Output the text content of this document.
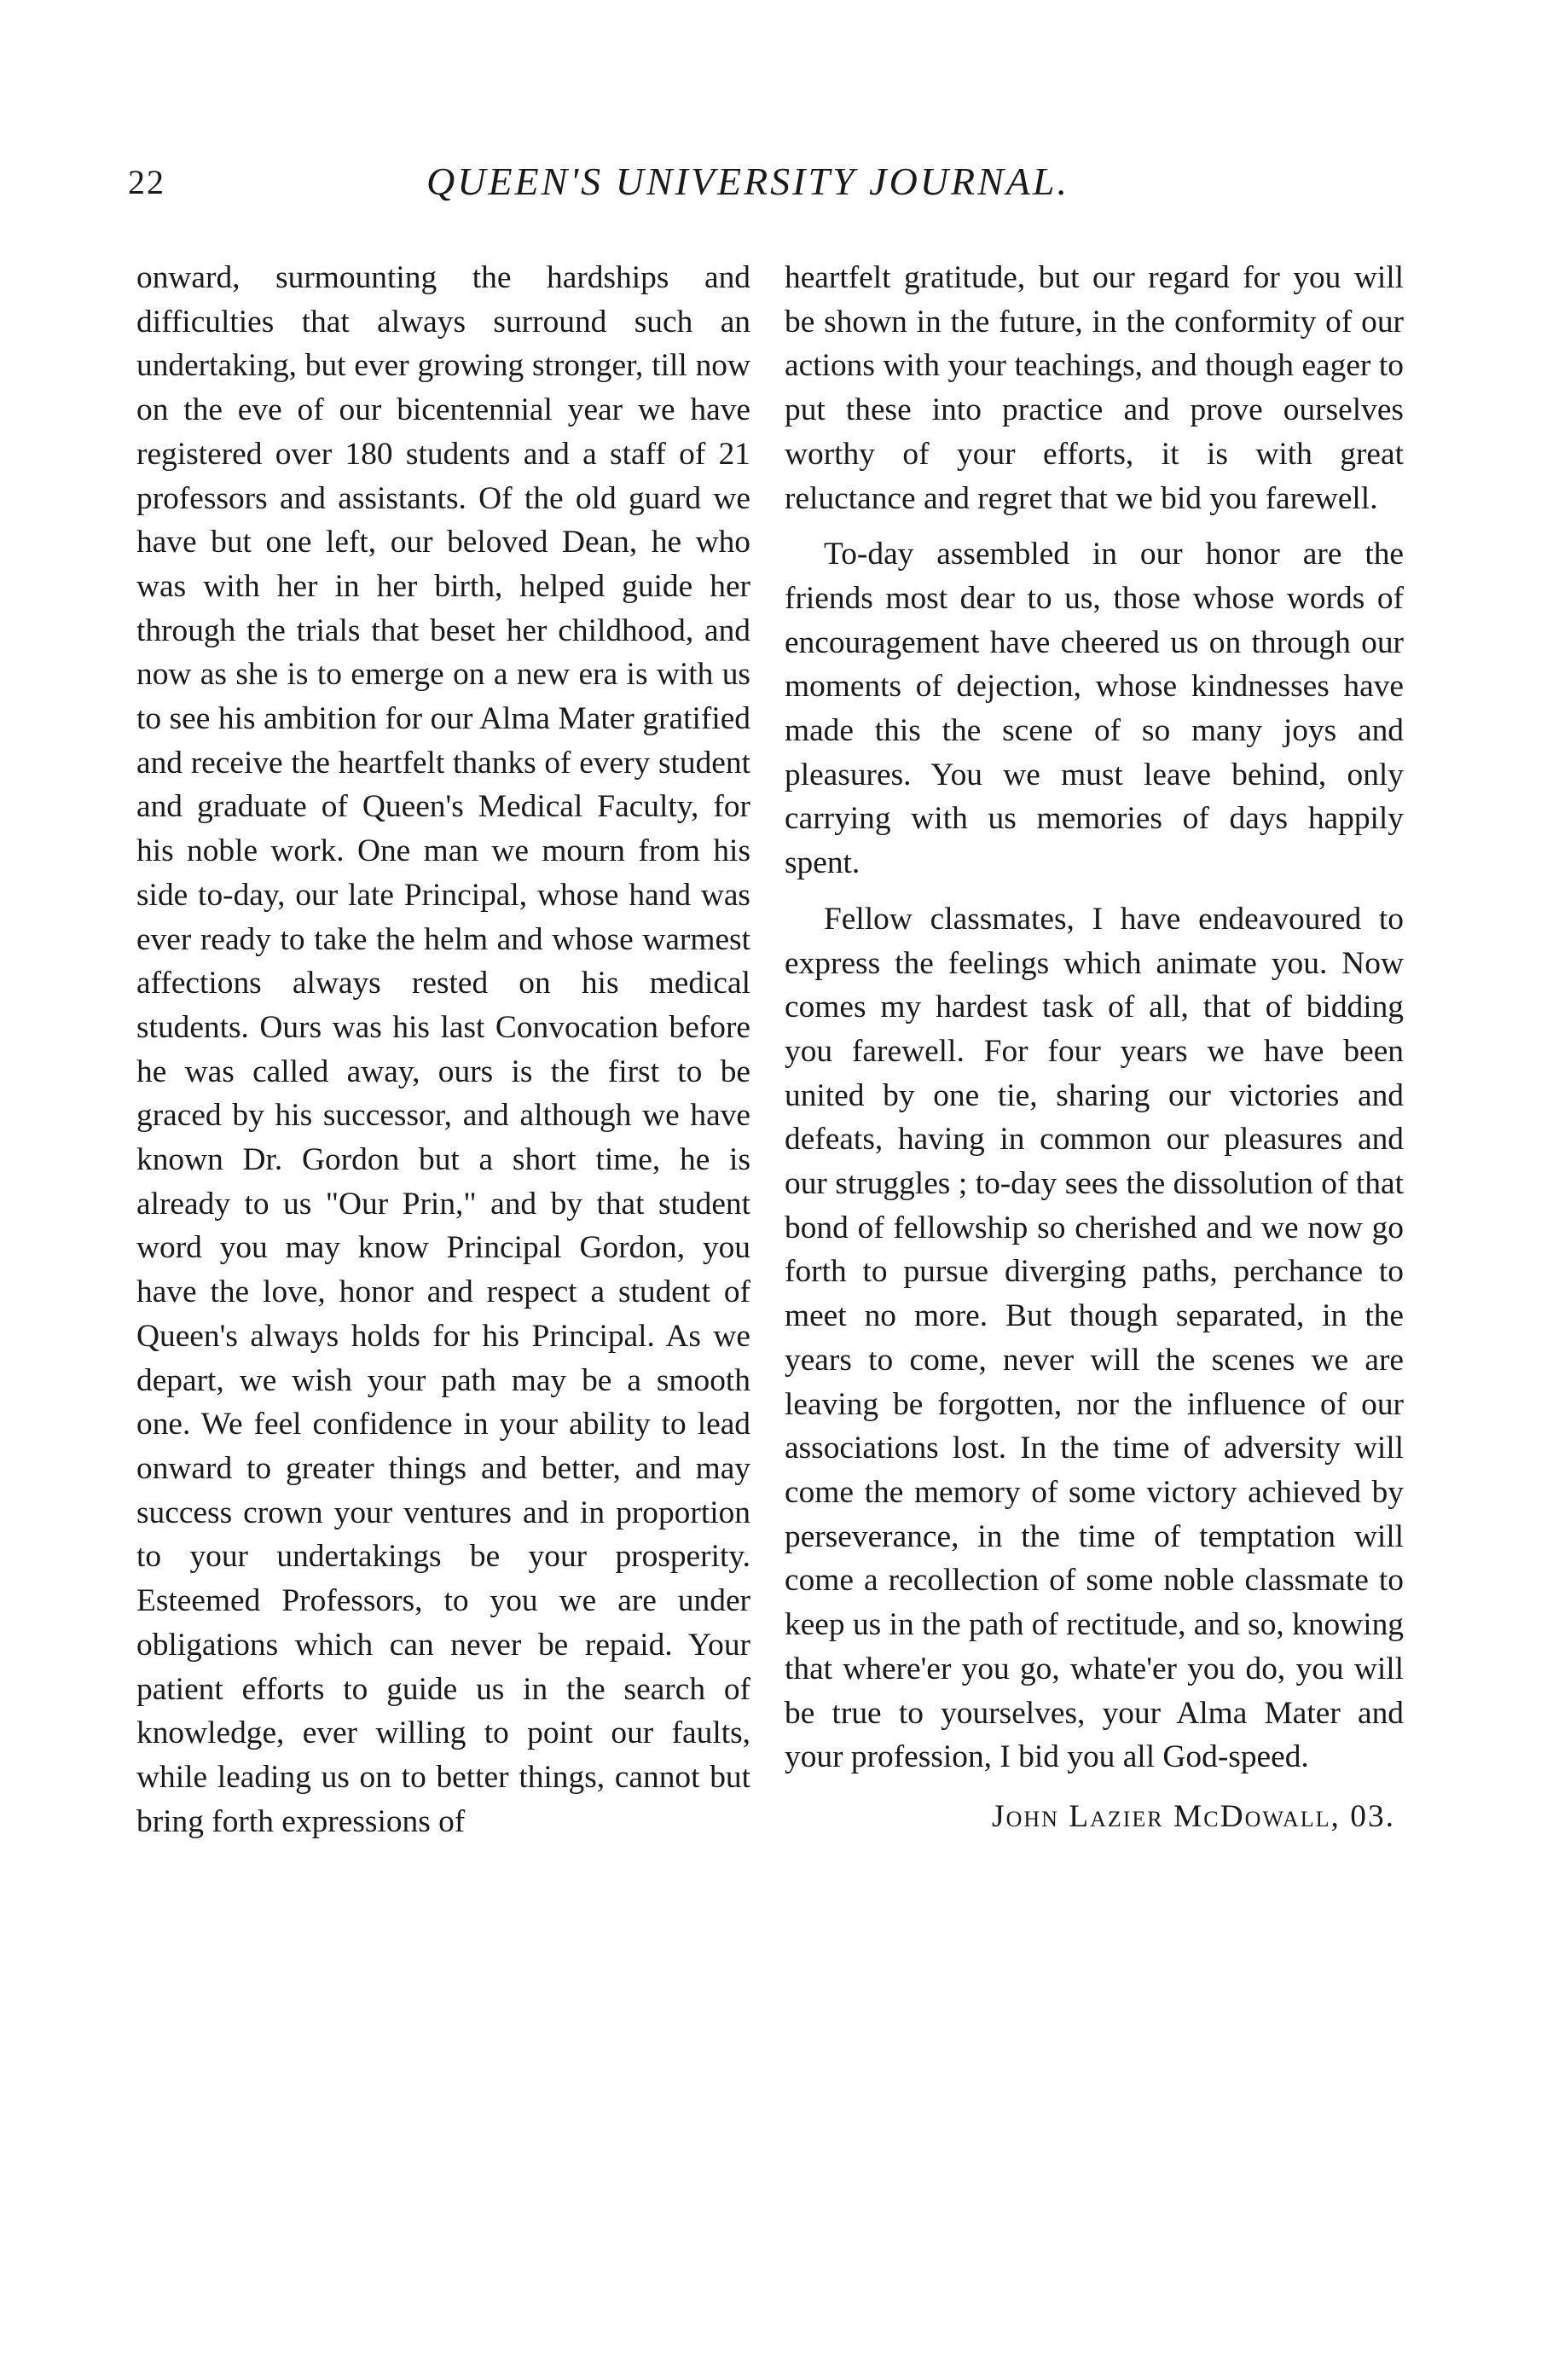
22	QUEEN'S UNIVERSITY JOURNAL.

onward, surmounting the hardships and difficulties that always surround such an undertaking, but ever growing stronger, till now on the eve of our bicentennial year we have registered over 180 students and a staff of 21 professors and assistants. Of the old guard we have but one left, our beloved Dean, he who was with her in her birth, helped guide her through the trials that beset her childhood, and now as she is to emerge on a new era is with us to see his ambition for our Alma Mater gratified and receive the heartfelt thanks of every student and graduate of Queen's Medical Faculty, for his noble work. One man we mourn from his side to-day, our late Principal, whose hand was ever ready to take the helm and whose warmest affections always rested on his medical students. Ours was his last Convocation before he was called away, ours is the first to be graced by his successor, and although we have known Dr. Gordon but a short time, he is already to us "Our Prin," and by that student word you may know Principal Gordon, you have the love, honor and respect a student of Queen's always holds for his Principal. As we depart, we wish your path may be a smooth one. We feel confidence in your ability to lead onward to greater things and better, and may success crown your ventures and in proportion to your undertakings be your prosperity. Esteemed Professors, to you we are under obligations which can never be repaid. Your patient efforts to guide us in the search of knowledge, ever willing to point our faults, while leading us on to better things, cannot but bring forth expressions of

heartfelt gratitude, but our regard for you will be shown in the future, in the conformity of our actions with your teachings, and though eager to put these into practice and prove ourselves worthy of your efforts, it is with great reluctance and regret that we bid you farewell.

To-day assembled in our honor are the friends most dear to us, those whose words of encouragement have cheered us on through our moments of dejection, whose kindnesses have made this the scene of so many joys and pleasures. You we must leave behind, only carrying with us memories of days happily spent.

Fellow classmates, I have endeavoured to express the feelings which animate you. Now comes my hardest task of all, that of bidding you farewell. For four years we have been united by one tie, sharing our victories and defeats, having in common our pleasures and our struggles ; to-day sees the dissolution of that bond of fellowship so cherished and we now go forth to pursue diverging paths, perchance to meet no more. But though separated, in the years to come, never will the scenes we are leaving be forgotten, nor the influence of our associations lost. In the time of adversity will come the memory of some victory achieved by perseverance, in the time of temptation will come a recollection of some noble classmate to keep us in the path of rectitude, and so, knowing that where'er you go, whate'er you do, you will be true to yourselves, your Alma Mater and your profession, I bid you all God-speed.

John Lazier McDowall, 03.
